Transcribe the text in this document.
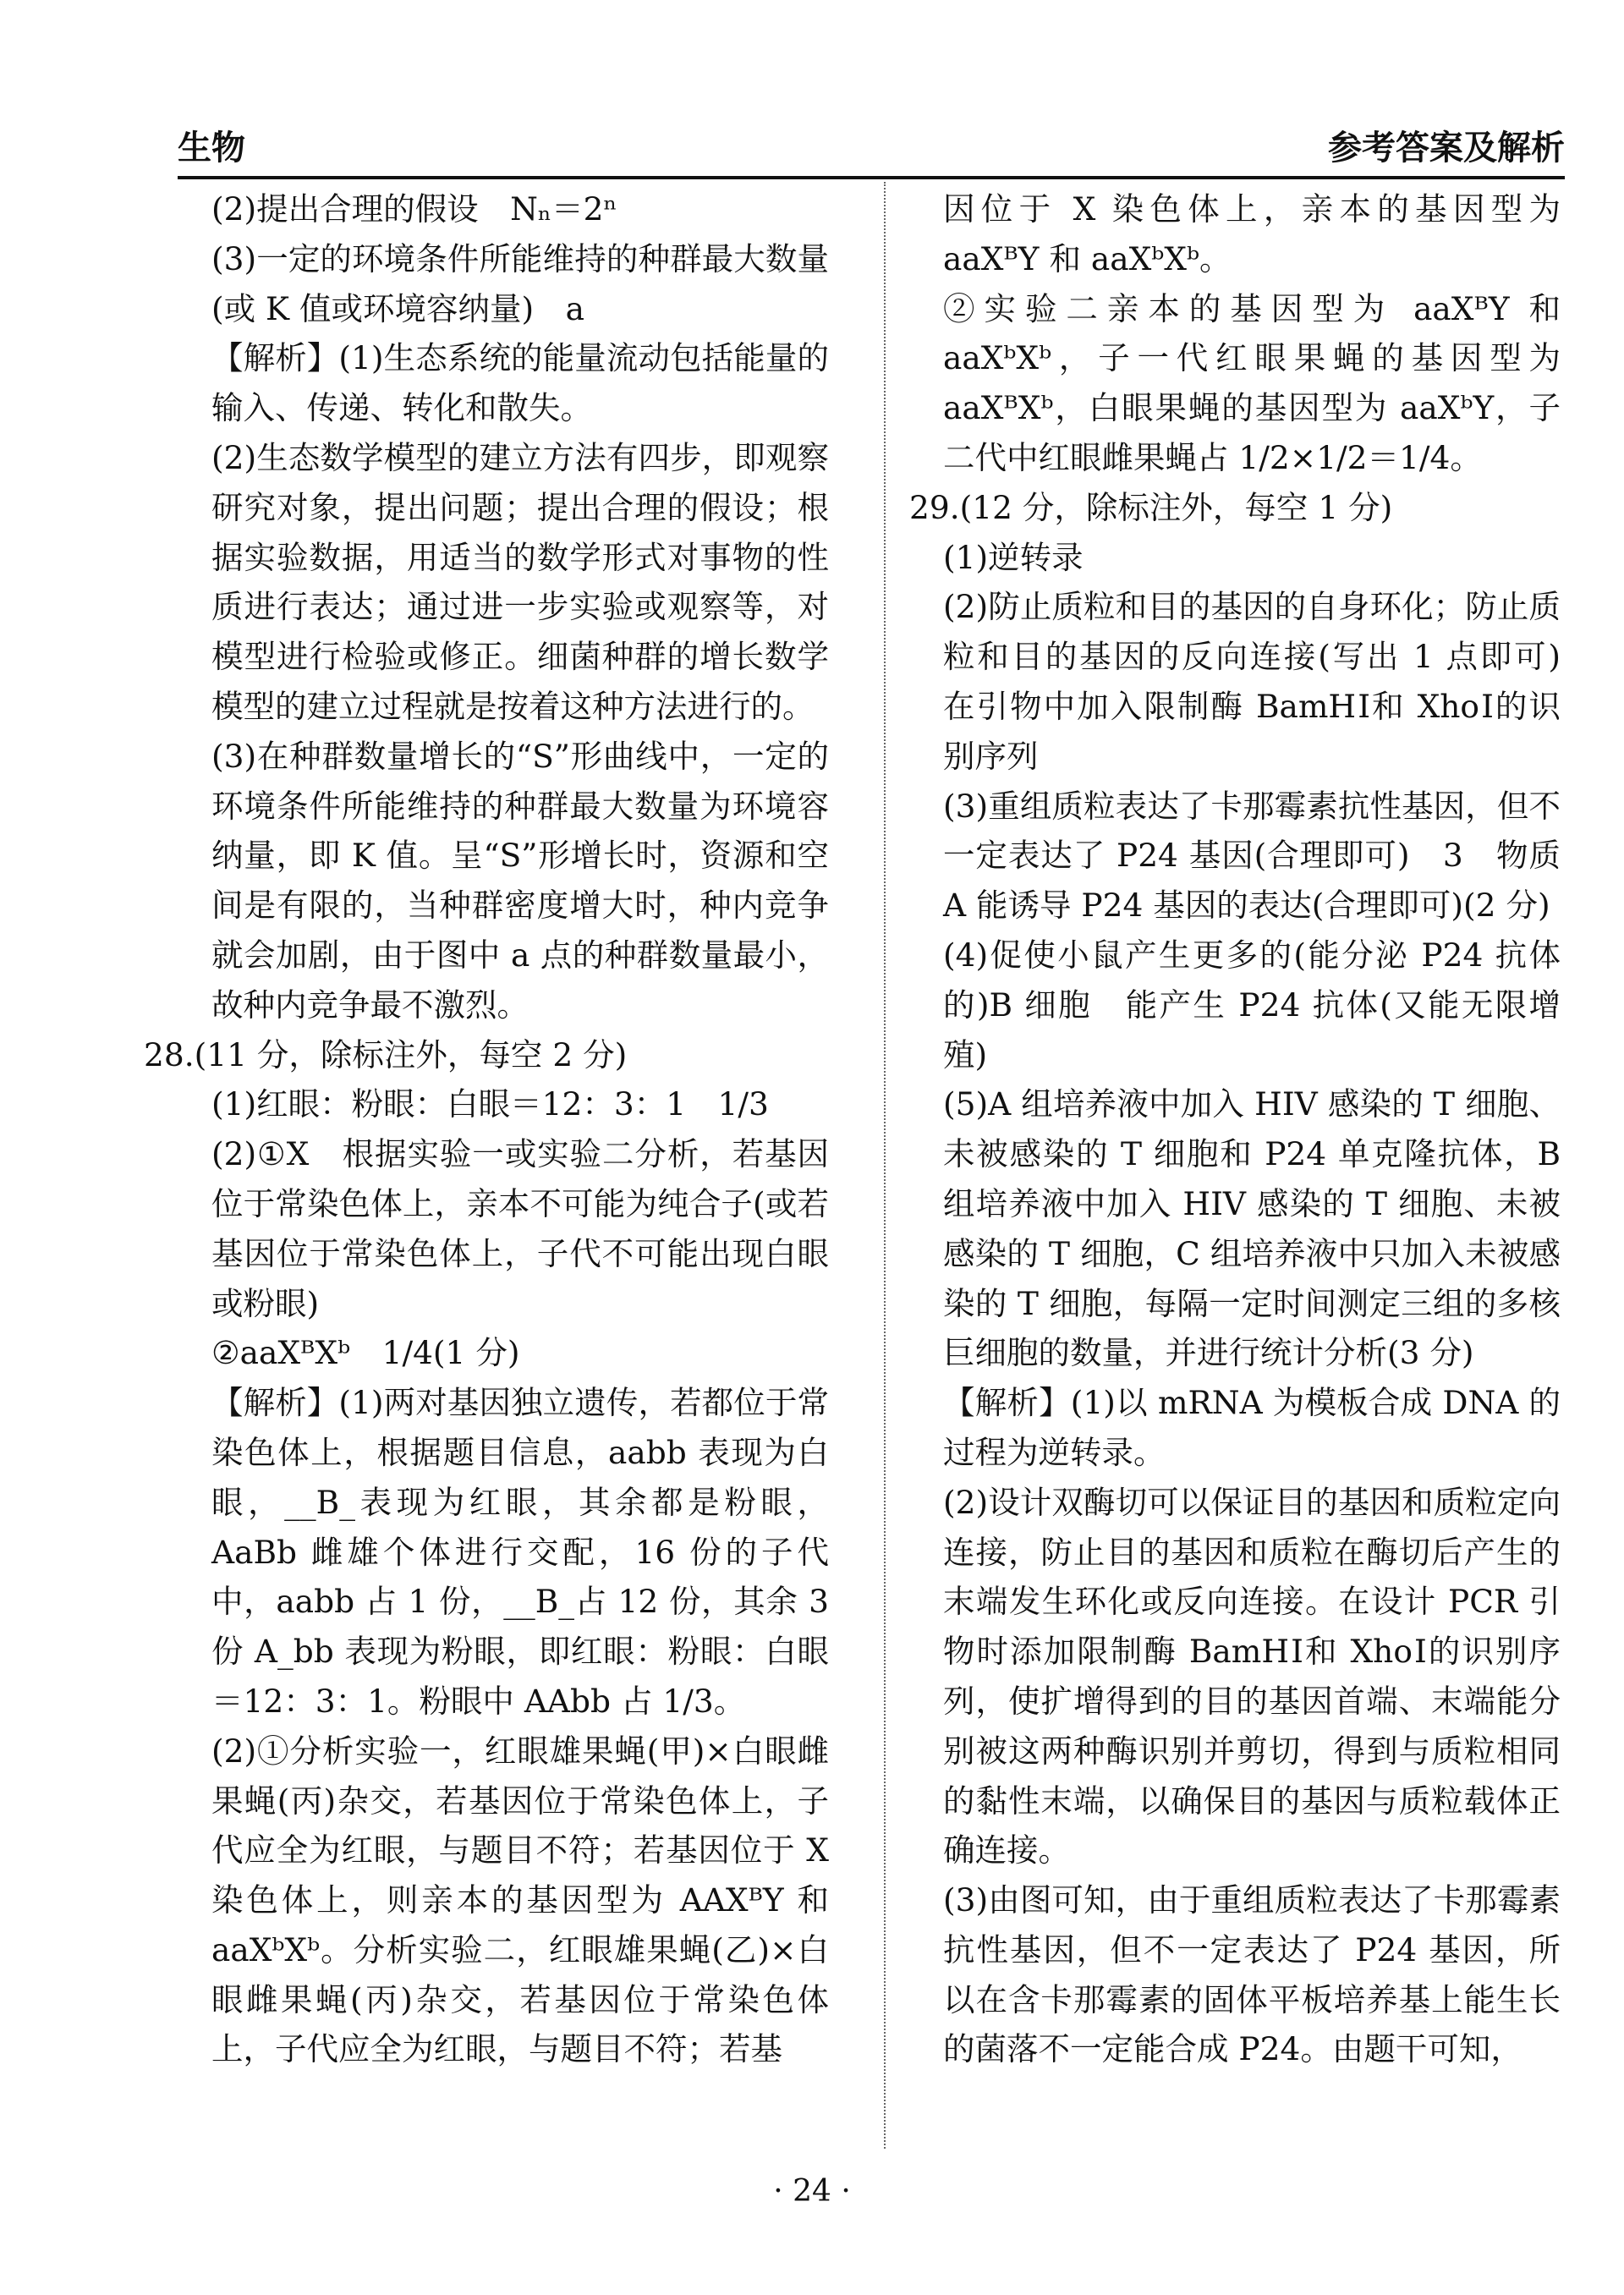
生物	参考答案及解析

(2)提出合理的假设　Nₙ＝2ⁿ

(3)一定的环境条件所能维持的种群最大数量(或 K 值或环境容纳量)　a

【解析】(1)生态系统的能量流动包括能量的输入、传递、转化和散失。

(2)生态数学模型的建立方法有四步，即观察研究对象，提出问题；提出合理的假设；根据实验数据，用适当的数学形式对事物的性质进行表达；通过进一步实验或观察等，对模型进行检验或修正。细菌种群的增长数学模型的建立过程就是按着这种方法进行的。

(3)在种群数量增长的“S”形曲线中，一定的环境条件所能维持的种群最大数量为环境容纳量，即 K 值。呈“S”形增长时，资源和空间是有限的，当种群密度增大时，种内竞争就会加剧，由于图中 a 点的种群数量最小，故种内竞争最不激烈。

28.(11 分，除标注外，每空 2 分)

(1)红眼：粉眼：白眼＝12：3：1　1/3

(2)①X　根据实验一或实验二分析，若基因位于常染色体上，亲本不可能为纯合子(或若基因位于常染色体上，子代不可能出现白眼或粉眼)

②aaXᴮXᵇ　1/4(1 分)

【解析】(1)两对基因独立遗传，若都位于常染色体上，根据题目信息，aabb 表现为白眼，__B_表现为红眼，其余都是粉眼，AaBb 雌雄个体进行交配，16 份的子代中，aabb 占 1 份，__B_占 12 份，其余 3 份 A_bb 表现为粉眼，即红眼：粉眼：白眼＝12：3：1。粉眼中 AAbb 占 1/3。

(2)①分析实验一，红眼雄果蝇(甲)×白眼雌果蝇(丙)杂交，若基因位于常染色体上，子代应全为红眼，与题目不符；若基因位于 X 染色体上，则亲本的基因型为 AAXᴮY 和 aaXᵇXᵇ。分析实验二，红眼雄果蝇(乙)×白眼雌果蝇(丙)杂交，若基因位于常染色体上，子代应全为红眼，与题目不符；若基

因位于 X 染色体上，亲本的基因型为 aaXᴮY 和 aaXᵇXᵇ。

②实验二亲本的基因型为 aaXᴮY 和 aaXᵇXᵇ，子一代红眼果蝇的基因型为 aaXᴮXᵇ，白眼果蝇的基因型为 aaXᵇY，子二代中红眼雌果蝇占 1/2×1/2＝1/4。

29.(12 分，除标注外，每空 1 分)

(1)逆转录

(2)防止质粒和目的基因的自身环化；防止质粒和目的基因的反向连接(写出 1 点即可)　在引物中加入限制酶 BamHⅠ和 XhoⅠ的识别序列

(3)重组质粒表达了卡那霉素抗性基因，但不一定表达了 P24 基因(合理即可)　3　物质 A 能诱导 P24 基因的表达(合理即可)(2 分)

(4)促使小鼠产生更多的(能分泌 P24 抗体的)B 细胞　能产生 P24 抗体(又能无限增殖)

(5)A 组培养液中加入 HIV 感染的 T 细胞、未被感染的 T 细胞和 P24 单克隆抗体，B 组培养液中加入 HIV 感染的 T 细胞、未被感染的 T 细胞，C 组培养液中只加入未被感染的 T 细胞，每隔一定时间测定三组的多核巨细胞的数量，并进行统计分析(3 分)

【解析】(1)以 mRNA 为模板合成 DNA 的过程为逆转录。

(2)设计双酶切可以保证目的基因和质粒定向连接，防止目的基因和质粒在酶切后产生的末端发生环化或反向连接。在设计 PCR 引物时添加限制酶 BamHⅠ和 XhoⅠ的识别序列，使扩增得到的目的基因首端、末端能分别被这两种酶识别并剪切，得到与质粒相同的黏性末端，以确保目的基因与质粒载体正确连接。

(3)由图可知，由于重组质粒表达了卡那霉素抗性基因，但不一定表达了 P24 基因，所以在含卡那霉素的固体平板培养基上能生长的菌落不一定能合成 P24。由题干可知，

· 24 ·
